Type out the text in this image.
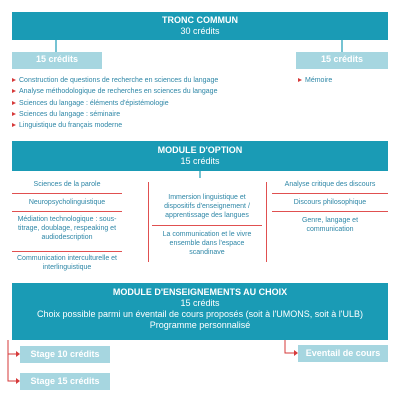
TRONC COMMUN
30 crédits
15 crédits	15 crédits
Construction de questions de recherche en sciences du langage
Analyse méthodologique de recherches en sciences du langage
Sciences du langage : éléments d'épistémologie
Sciences du langage : séminaire
Linguistique du français moderne
Mémoire
MODULE D'OPTION
15 crédits
Sciences de la parole
Neuropsycholinguistique
Médiation technologique : sous-titrage, doublage, respeaking et audiodescription
Communication interculturelle et interlinguistique
Immersion linguistique et dispositifs d'enseignement / apprentissage des langues
La communication et le vivre ensemble dans l'espace scandinave
Analyse critique des discours
Discours philosophique
Genre, langage et communication
MODULE D'ENSEIGNEMENTS AU CHOIX
15 crédits
Choix possible parmi un éventail de cours proposés (soit à l'UMONS, soit à l'ULB)
Programme personnalisé
Stage 10 crédits
Stage 15 crédits
Eventail de cours
